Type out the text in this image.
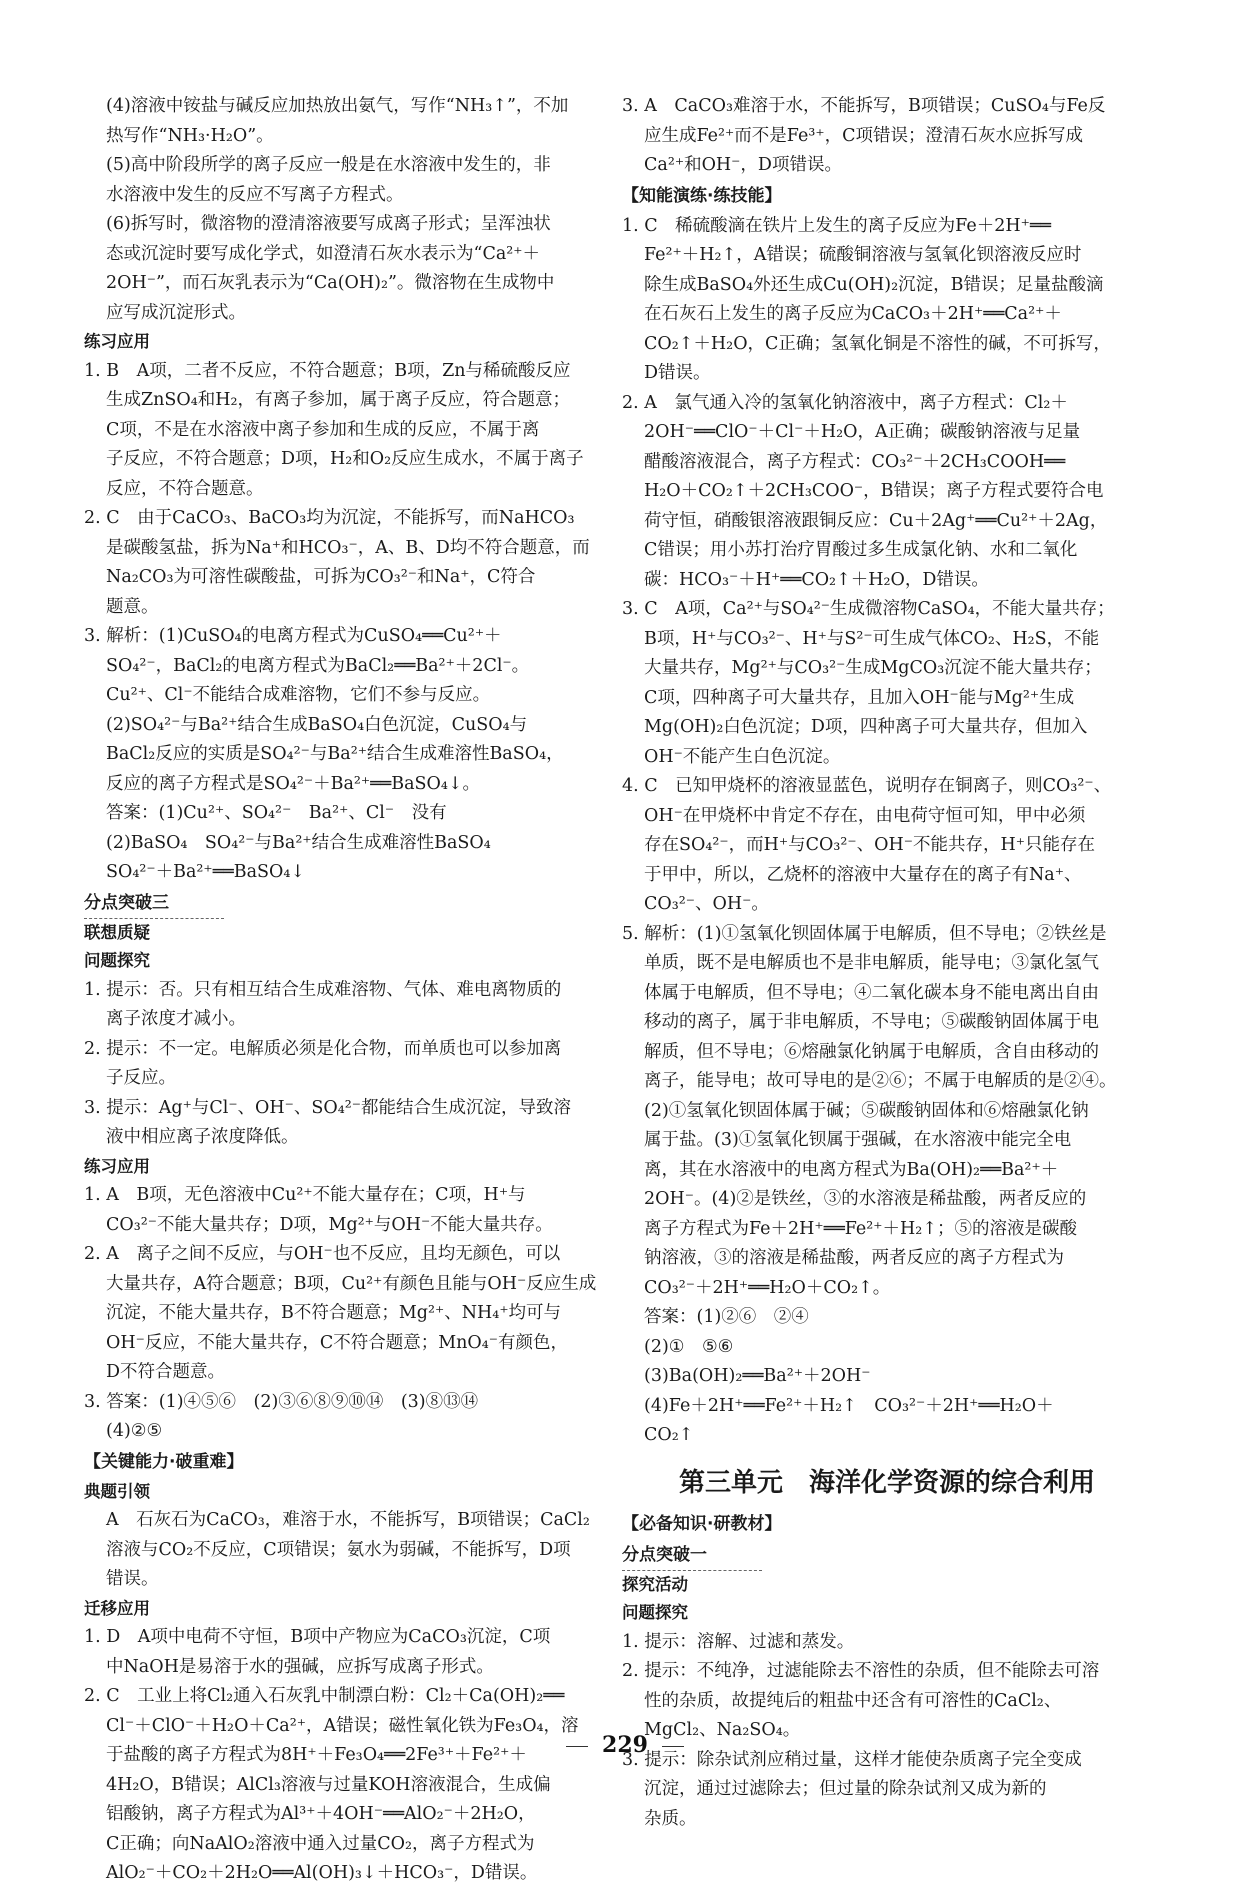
(4)溶液中铵盐与碱反应加热放出氨气，写作“NH₃↑”，不加
热写作“NH₃·H₂O”。
(5)高中阶段所学的离子反应一般是在水溶液中发生的，非
水溶液中发生的反应不写离子方程式。
(6)拆写时，微溶物的澄清溶液要写成离子形式；呈浑浊状
态或沉淀时要写成化学式，如澄清石灰水表示为“Ca²⁺＋
2OH⁻”，而石灰乳表示为“Ca(OH)₂”。微溶物在生成物中
应写成沉淀形式。
练习应用
1. B　A项，二者不反应，不符合题意；B项，Zn与稀硫酸反应
生成ZnSO₄和H₂，有离子参加，属于离子反应，符合题意；
C项，不是在水溶液中离子参加和生成的反应，不属于离
子反应，不符合题意；D项，H₂和O₂反应生成水，不属于离子
反应，不符合题意。
2. C　由于CaCO₃、BaCO₃均为沉淀，不能拆写，而NaHCO₃
是碳酸氢盐，拆为Na⁺和HCO₃⁻，A、B、D均不符合题意，而
Na₂CO₃为可溶性碳酸盐，可拆为CO₃²⁻和Na⁺，C符合
题意。
3. 解析：(1)CuSO₄的电离方程式为CuSO₄══Cu²⁺＋
SO₄²⁻，BaCl₂的电离方程式为BaCl₂══Ba²⁺＋2Cl⁻。
Cu²⁺、Cl⁻不能结合成难溶物，它们不参与反应。
(2)SO₄²⁻与Ba²⁺结合生成BaSO₄白色沉淀，CuSO₄与
BaCl₂反应的实质是SO₄²⁻与Ba²⁺结合生成难溶性BaSO₄，
反应的离子方程式是SO₄²⁻＋Ba²⁺══BaSO₄↓。
答案：(1)Cu²⁺、SO₄²⁻　Ba²⁺、Cl⁻　没有
(2)BaSO₄　SO₄²⁻与Ba²⁺结合生成难溶性BaSO₄
SO₄²⁻＋Ba²⁺══BaSO₄↓
分点突破三
联想质疑
问题探究
1. 提示：否。只有相互结合生成难溶物、气体、难电离物质的
离子浓度才减小。
2. 提示：不一定。电解质必须是化合物，而单质也可以参加离
子反应。
3. 提示：Ag⁺与Cl⁻、OH⁻、SO₄²⁻都能结合生成沉淀，导致溶
液中相应离子浓度降低。
练习应用
1. A　B项，无色溶液中Cu²⁺不能大量存在；C项，H⁺与
CO₃²⁻不能大量共存；D项，Mg²⁺与OH⁻不能大量共存。
2. A　离子之间不反应，与OH⁻也不反应，且均无颜色，可以
大量共存，A符合题意；B项，Cu²⁺有颜色且能与OH⁻反应生成
沉淀，不能大量共存，B不符合题意；Mg²⁺、NH₄⁺均可与
OH⁻反应，不能大量共存，C不符合题意；MnO₄⁻有颜色，
D不符合题意。
3. 答案：(1)④⑤⑥　(2)③⑥⑧⑨⑩⑭　(3)⑧⑬⑭
(4)②⑤
【关键能力·破重难】
典题引领
A　石灰石为CaCO₃，难溶于水，不能拆写，B项错误；CaCl₂
溶液与CO₂不反应，C项错误；氨水为弱碱，不能拆写，D项
错误。
迁移应用
1. D　A项中电荷不守恒，B项中产物应为CaCO₃沉淀，C项
中NaOH是易溶于水的强碱，应拆写成离子形式。
2. C　工业上将Cl₂通入石灰乳中制漂白粉：Cl₂＋Ca(OH)₂══
Cl⁻＋ClO⁻＋H₂O＋Ca²⁺，A错误；磁性氧化铁为Fe₃O₄，溶
于盐酸的离子方程式为8H⁺＋Fe₃O₄══2Fe³⁺＋Fe²⁺＋
4H₂O，B错误；AlCl₃溶液与过量KOH溶液混合，生成偏
铝酸钠，离子方程式为Al³⁺＋4OH⁻══AlO₂⁻＋2H₂O，
C正确；向NaAlO₂溶液中通入过量CO₂，离子方程式为
AlO₂⁻＋CO₂＋2H₂O══Al(OH)₃↓＋HCO₃⁻，D错误。
3. A　CaCO₃难溶于水，不能拆写，B项错误；CuSO₄与Fe反
应生成Fe²⁺而不是Fe³⁺，C项错误；澄清石灰水应拆写成
Ca²⁺和OH⁻，D项错误。
【知能演练·练技能】
1. C　稀硫酸滴在铁片上发生的离子反应为Fe＋2H⁺══
Fe²⁺＋H₂↑，A错误；硫酸铜溶液与氢氧化钡溶液反应时
除生成BaSO₄外还生成Cu(OH)₂沉淀，B错误；足量盐酸滴
在石灰石上发生的离子反应为CaCO₃＋2H⁺══Ca²⁺＋
CO₂↑＋H₂O，C正确；氢氧化铜是不溶性的碱，不可拆写，
D错误。
2. A　氯气通入冷的氢氧化钠溶液中，离子方程式：Cl₂＋
2OH⁻══ClO⁻＋Cl⁻＋H₂O，A正确；碳酸钠溶液与足量
醋酸溶液混合，离子方程式：CO₃²⁻＋2CH₃COOH══
H₂O＋CO₂↑＋2CH₃COO⁻，B错误；离子方程式要符合电
荷守恒，硝酸银溶液跟铜反应：Cu＋2Ag⁺══Cu²⁺＋2Ag，
C错误；用小苏打治疗胃酸过多生成氯化钠、水和二氧化
碳：HCO₃⁻＋H⁺══CO₂↑＋H₂O，D错误。
3. C　A项，Ca²⁺与SO₄²⁻生成微溶物CaSO₄，不能大量共存；
B项，H⁺与CO₃²⁻、H⁺与S²⁻可生成气体CO₂、H₂S，不能
大量共存，Mg²⁺与CO₃²⁻生成MgCO₃沉淀不能大量共存；
C项，四种离子可大量共存，且加入OH⁻能与Mg²⁺生成
Mg(OH)₂白色沉淀；D项，四种离子可大量共存，但加入
OH⁻不能产生白色沉淀。
4. C　已知甲烧杯的溶液显蓝色，说明存在铜离子，则CO₃²⁻、
OH⁻在甲烧杯中肯定不存在，由电荷守恒可知，甲中必须
存在SO₄²⁻，而H⁺与CO₃²⁻、OH⁻不能共存，H⁺只能存在
于甲中，所以，乙烧杯的溶液中大量存在的离子有Na⁺、
CO₃²⁻、OH⁻。
5. 解析：(1)①氢氧化钡固体属于电解质，但不导电；②铁丝是
单质，既不是电解质也不是非电解质，能导电；③氯化氢气
体属于电解质，但不导电；④二氧化碳本身不能电离出自由
移动的离子，属于非电解质，不导电；⑤碳酸钠固体属于电
解质，但不导电；⑥熔融氯化钠属于电解质，含自由移动的
离子，能导电；故可导电的是②⑥；不属于电解质的是②④。
(2)①氢氧化钡固体属于碱；⑤碳酸钠固体和⑥熔融氯化钠
属于盐。(3)①氢氧化钡属于强碱，在水溶液中能完全电
离，其在水溶液中的电离方程式为Ba(OH)₂══Ba²⁺＋
2OH⁻。(4)②是铁丝，③的水溶液是稀盐酸，两者反应的
离子方程式为Fe＋2H⁺══Fe²⁺＋H₂↑；⑤的溶液是碳酸
钠溶液，③的溶液是稀盐酸，两者反应的离子方程式为
CO₃²⁻＋2H⁺══H₂O＋CO₂↑。
答案：(1)②⑥　②④
(2)①　⑤⑥
(3)Ba(OH)₂══Ba²⁺＋2OH⁻
(4)Fe＋2H⁺══Fe²⁺＋H₂↑　CO₃²⁻＋2H⁺══H₂O＋
CO₂↑
第三单元　海洋化学资源的综合利用
【必备知识·研教材】
分点突破一
探究活动
问题探究
1. 提示：溶解、过滤和蒸发。
2. 提示：不纯净，过滤能除去不溶性的杂质，但不能除去可溶
性的杂质，故提纯后的粗盐中还含有可溶性的CaCl₂、
MgCl₂、Na₂SO₄。
3. 提示：除杂试剂应稍过量，这样才能使杂质离子完全变成
沉淀，通过过滤除去；但过量的除杂试剂又成为新的
杂质。
229
